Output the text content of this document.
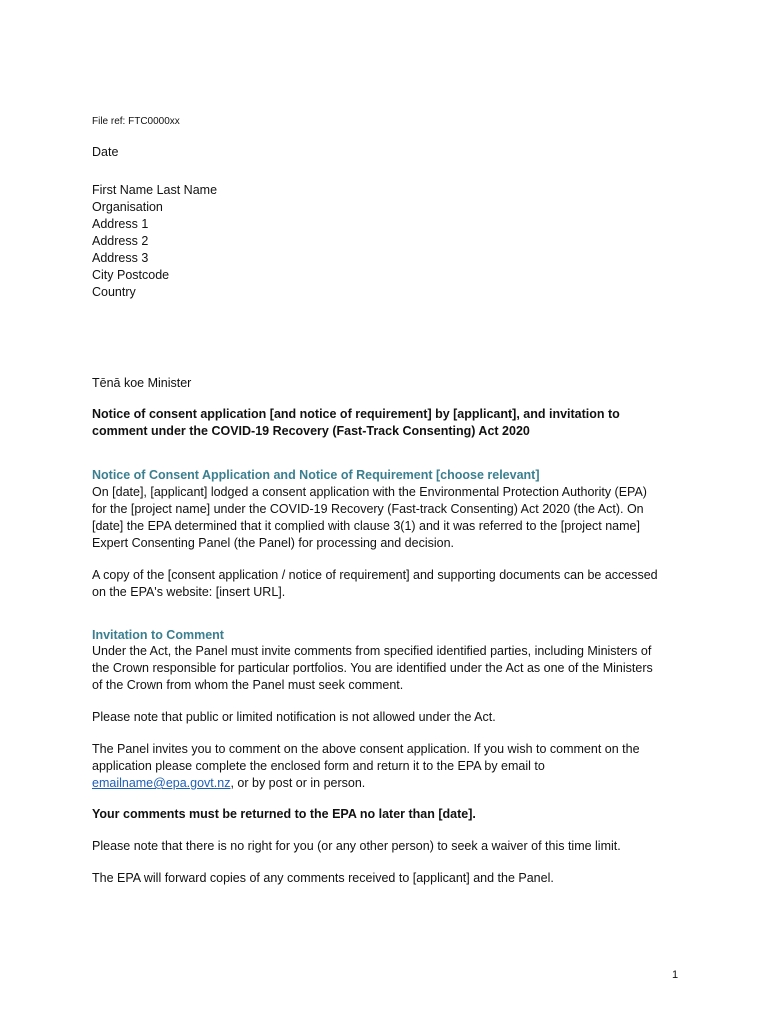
File ref: FTC0000xx
Date
First Name Last Name
Organisation
Address 1
Address 2
Address 3
City Postcode
Country
Tēnā koe Minister
Notice of consent application [and notice of requirement] by [applicant], and invitation to
comment under the COVID-19 Recovery (Fast-Track Consenting) Act 2020
Notice of Consent Application and Notice of Requirement [choose relevant]
On [date], [applicant] lodged a consent application with the Environmental Protection Authority (EPA)
for the [project name] under the COVID-19 Recovery (Fast-track Consenting) Act 2020 (the Act). On
[date] the EPA determined that it complied with clause 3(1) and it was referred to the [project name]
Expert Consenting Panel (the Panel) for processing and decision.
A copy of the [consent application / notice of requirement] and supporting documents can be accessed
on the EPA's website: [insert URL].
Invitation to Comment
Under the Act, the Panel must invite comments from specified identified parties, including Ministers of
the Crown responsible for particular portfolios. You are identified under the Act as one of the Ministers
of the Crown from whom the Panel must seek comment.
Please note that public or limited notification is not allowed under the Act.
The Panel invites you to comment on the above consent application. If you wish to comment on the
application please complete the enclosed form and return it to the EPA by email to
emailname@epa.govt.nz, or by post or in person.
Your comments must be returned to the EPA no later than [date].
Please note that there is no right for you (or any other person) to seek a waiver of this time limit.
The EPA will forward copies of any comments received to [applicant] and the Panel.
1
